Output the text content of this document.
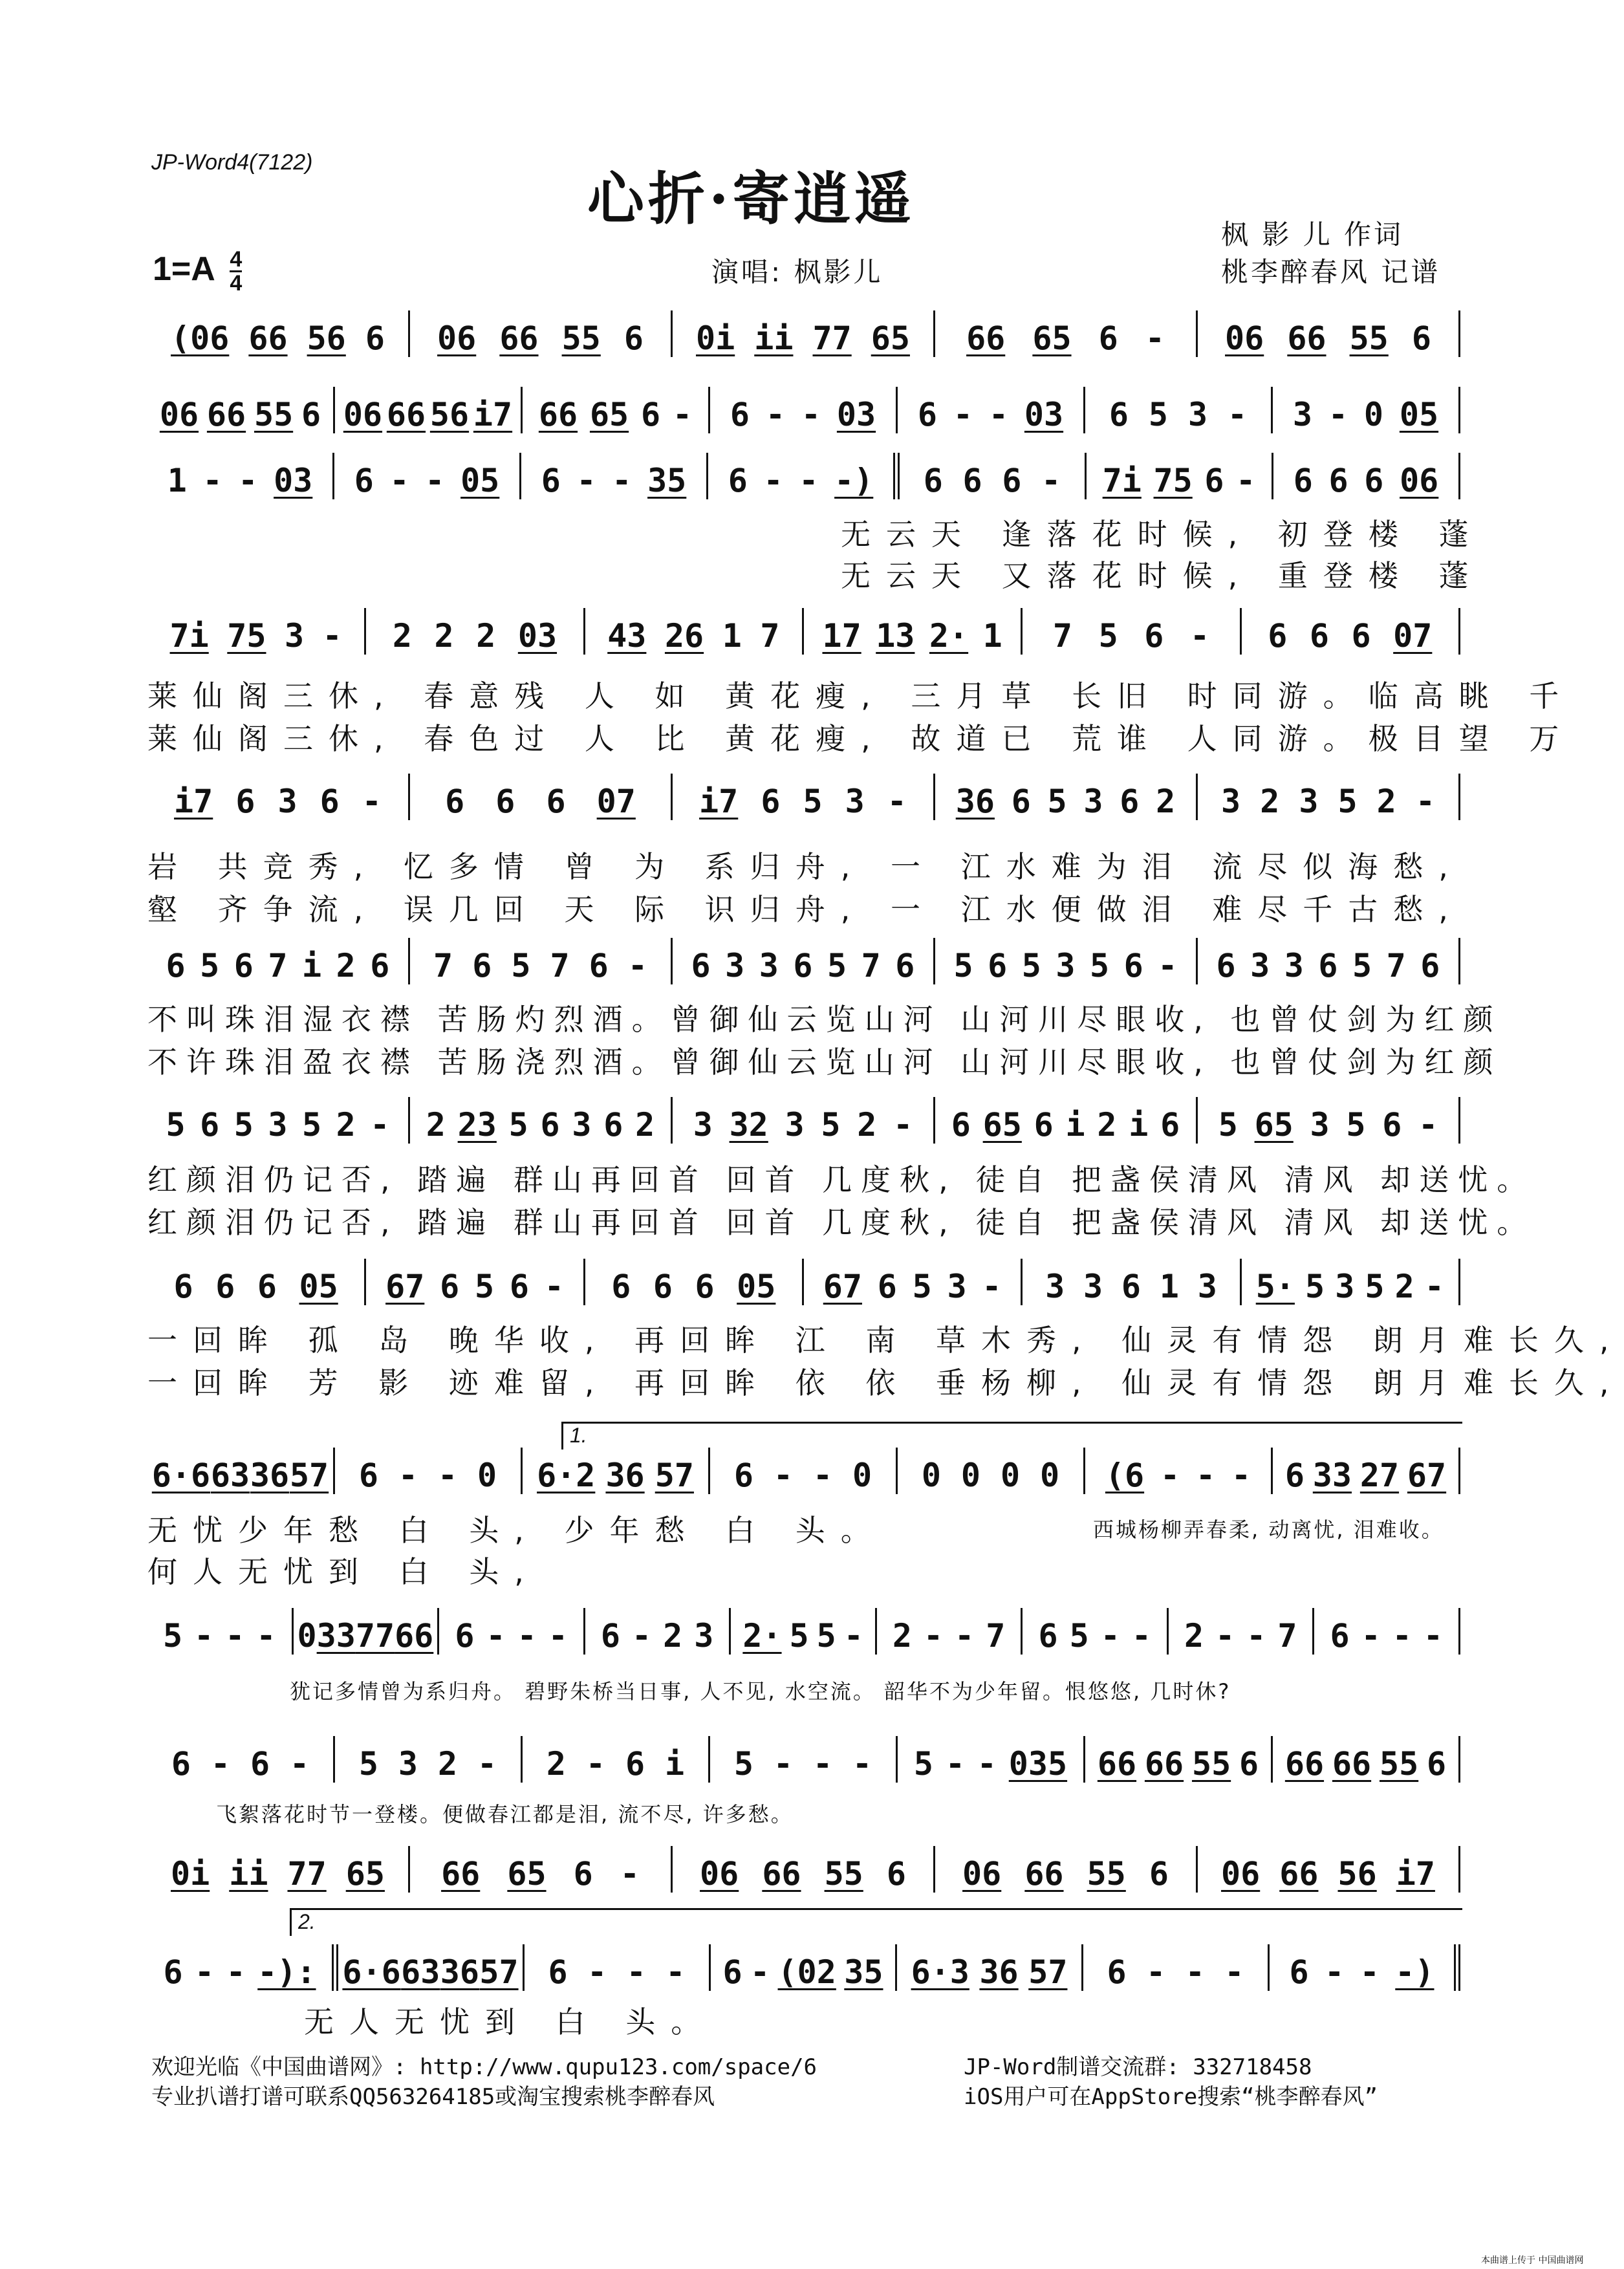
JP-Word4(7122)
心折·寄逍遥
枫 影 儿 作词
桃李醉春风 记谱
演唱: 枫影儿
$1=A \frac{4}{4}$
(06 66 56 6 06 66 55 6 0i ii 77 65 66 65 6 - 06 66 55 6
06 66 55 6 06 66 56 i7 66 65 6 - 6 - - 03 6 - - 03 6 5 3 - 3 - 0 05
1 - - 03 6 - - 05 6 - - 35 6 - - -) 6 6 6 - 7i 75 6 - 6 6 6 06
7i 75 3 - 2 2 2 03 43 26 1 7 17 13 2· 1 7 5 6 - 6 6 6 07
i7 6 3 6 - 6 6 6 07 i7 6 5 3 - 36 6 5 3 6 2 3 2 3 5 2 -
6 5 6 7 i 2 6 7 6 5 7 6 - 6 3 3 6 5 7 6 5 6 5 3 5 6 - 6 3 3 6 5 7 6
5 6 5 3 5 2 - 2 23 5 6 3 6 2 3 32 3 5 2 - 6 65 6 i 2 i 6 5 65 3 5 6 -
6 6 6 05 67 6 5 6 - 6 6 6 05 67 6 5 3 - 3 3 6 1 3 5· 5 3 5 2 -
6·6 63 36 57 6 - - 0 6·2 36 57 6 - - 0 0 0 0 0 (6 - - - 6 33 27 67
5 - - - 0 33 77 66 6 - - - 6 - 2 3 2· 5 5 - 2 - - 7 6 5 - - 2 - - 7 6 - - -
6 - 6 - 5 3 2 - 2 - 6 i 5 - - - 5 - - 035 66 66 55 6 66 66 55 6
0i ii 77 65 66 65 6 - 06 66 55 6 06 66 55 6 06 66 56 i7
6 - - -): 6·6 63 36 57 6 - - - 6 - (02 35 6·3 36 57 6 - - - 6 - - -)
无云天 逢落花时候, 初登楼 蓬
无云天 又落花时候, 重登楼 蓬
莱仙阁三休, 春意残 人 如 黄花瘦, 三月草 长旧 时同游。临高眺 千
莱仙阁三休, 春色过 人 比 黄花瘦, 故道已 荒谁 人同游。极目望 万
岩 共竞秀, 忆多情 曾 为 系归舟, 一 江水难为泪 流尽似海愁,
壑 齐争流, 误几回 天 际 识归舟, 一 江水便做泪 难尽千古愁,
不叫珠泪湿衣襟 苦肠灼烈酒。曾御仙云览山河 山河川尽眼收, 也曾仗剑为红颜
不许珠泪盈衣襟 苦肠浇烈酒。曾御仙云览山河 山河川尽眼收, 也曾仗剑为红颜
红颜泪仍记否, 踏遍 群山再回首 回首 几度秋, 徒自 把盏侯清风 清风 却送忧。
红颜泪仍记否, 踏遍 群山再回首 回首 几度秋, 徒自 把盏侯清风 清风 却送忧。
一回眸 孤 岛 晚华收, 再回眸 江 南 草木秀, 仙灵有情怨 朗月难长久,
一回眸 芳 影 迹难留, 再回眸 依 依 垂杨柳, 仙灵有情怨 朗月难长久,
无忧少年愁 白 头, 少年愁 白 头。
何人无忧到 白 头,
西城杨柳弄春柔, 动离忧, 泪难收。
犹记多情曾为系归舟。 碧野朱桥当日事, 人不见, 水空流。 韶华不为少年留。恨悠悠, 几时休?
飞絮落花时节一登楼。便做春江都是泪, 流不尽, 许多愁。
无人无忧到 白 头。
1.
2.
欢迎光临《中国曲谱网》: http://www.qupu123.com/space/6
专业扒谱打谱可联系QQ563264185或淘宝搜索桃李醉春风
JP-Word制谱交流群: 332718458
iOS用户可在AppStore搜索“桃李醉春风”
本曲谱上传于 中国曲谱网
